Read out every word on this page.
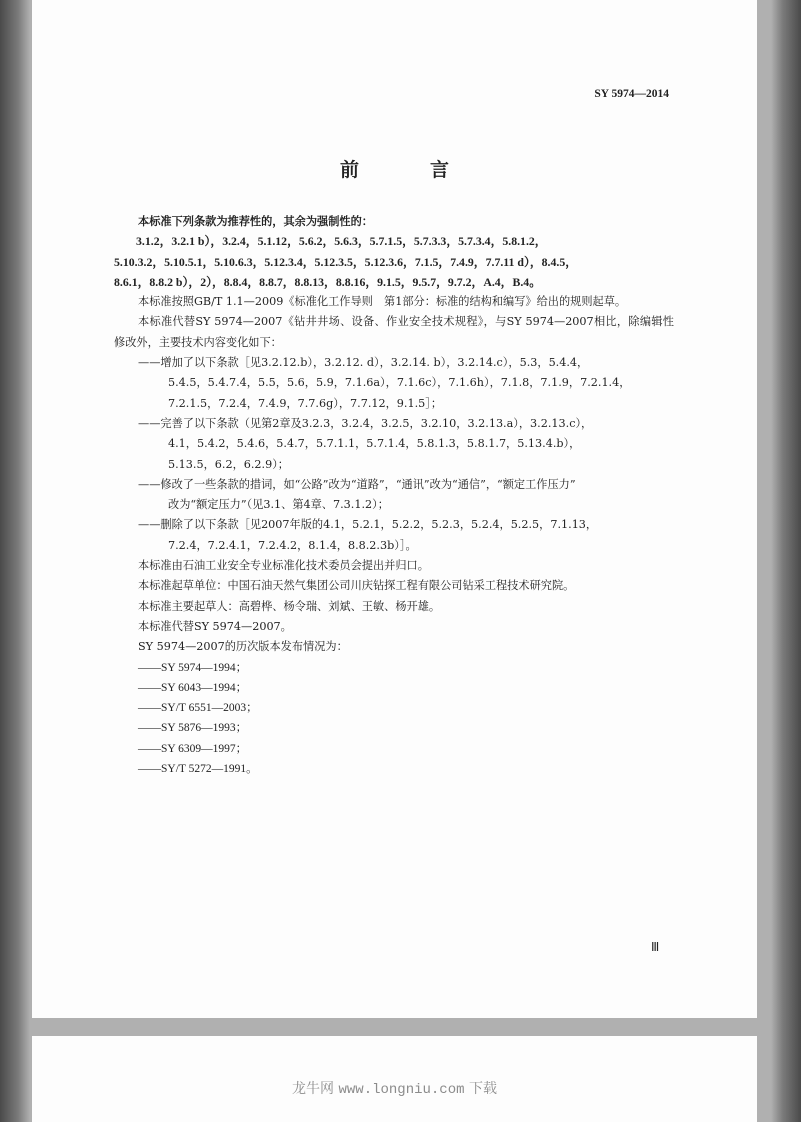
SY 5974—2014
前　言

本标准下列条款为推荐性的，其余为强制性的：

3.1.2，3.2.1 b），3.2.4，5.1.12，5.6.2，5.6.3，5.7.1.5，5.7.3.3，5.7.3.4，5.8.1.2，

5.10.3.2，5.10.5.1，5.10.6.3，5.12.3.4，5.12.3.5，5.12.3.6，7.1.5，7.4.9，7.7.11 d），8.4.5，

8.6.1，8.8.2 b），2），8.8.4，8.8.7，8.8.13，8.8.16，9.1.5，9.5.7，9.7.2，A.4，B.4。

本标准按照GB/T 1.1—2009《标准化工作导则　第1部分：标准的结构和编写》给出的规则起草。

本标准代替SY 5974—2007《钻井井场、设备、作业安全技术规程》，与SY 5974—2007相比，除编辑性修改外，主要技术内容变化如下：

——增加了以下条款［见3.2.12.b），3.2.12. d），3.2.14. b），3.2.14.c），5.3，5.4.4，

5.4.5，5.4.7.4，5.5，5.6，5.9，7.1.6a），7.1.6c），7.1.6h），7.1.8，7.1.9，7.2.1.4，

7.2.1.5，7.2.4，7.4.9，7.7.6g），7.7.12，9.1.5］；

——完善了以下条款（见第2章及3.2.3，3.2.4，3.2.5，3.2.10，3.2.13.a），3.2.13.c），

4.1，5.4.2，5.4.6，5.4.7，5.7.1.1，5.7.1.4，5.8.1.3，5.8.1.7，5.13.4.b），

5.13.5，6.2，6.2.9）；

——修改了一些条款的措词，如“公路”改为“道路”，“通讯”改为“通信”，“额定工作压力”

改为“额定压力”（见3.1、第4章、7.3.1.2）；

——删除了以下条款［见2007年版的4.1，5.2.1，5.2.2，5.2.3，5.2.4，5.2.5，7.1.13，

7.2.4，7.2.4.1，7.2.4.2，8.1.4，8.8.2.3b）］。

本标准由石油工业安全专业标准化技术委员会提出并归口。

本标准起草单位：中国石油天然气集团公司川庆钻探工程有限公司钻采工程技术研究院。

本标准主要起草人：高碧桦、杨令瑞、刘斌、王敏、杨开雄。

本标准代替SY 5974—2007。

SY 5974—2007的历次版本发布情况为：

——SY 5974—1994；

——SY 6043—1994；

——SY/T 6551—2003；

——SY 5876—1993；

——SY 6309—1997；

——SY/T 5272—1991。

Ⅲ
龙牛网 www.longniu.com 下载
